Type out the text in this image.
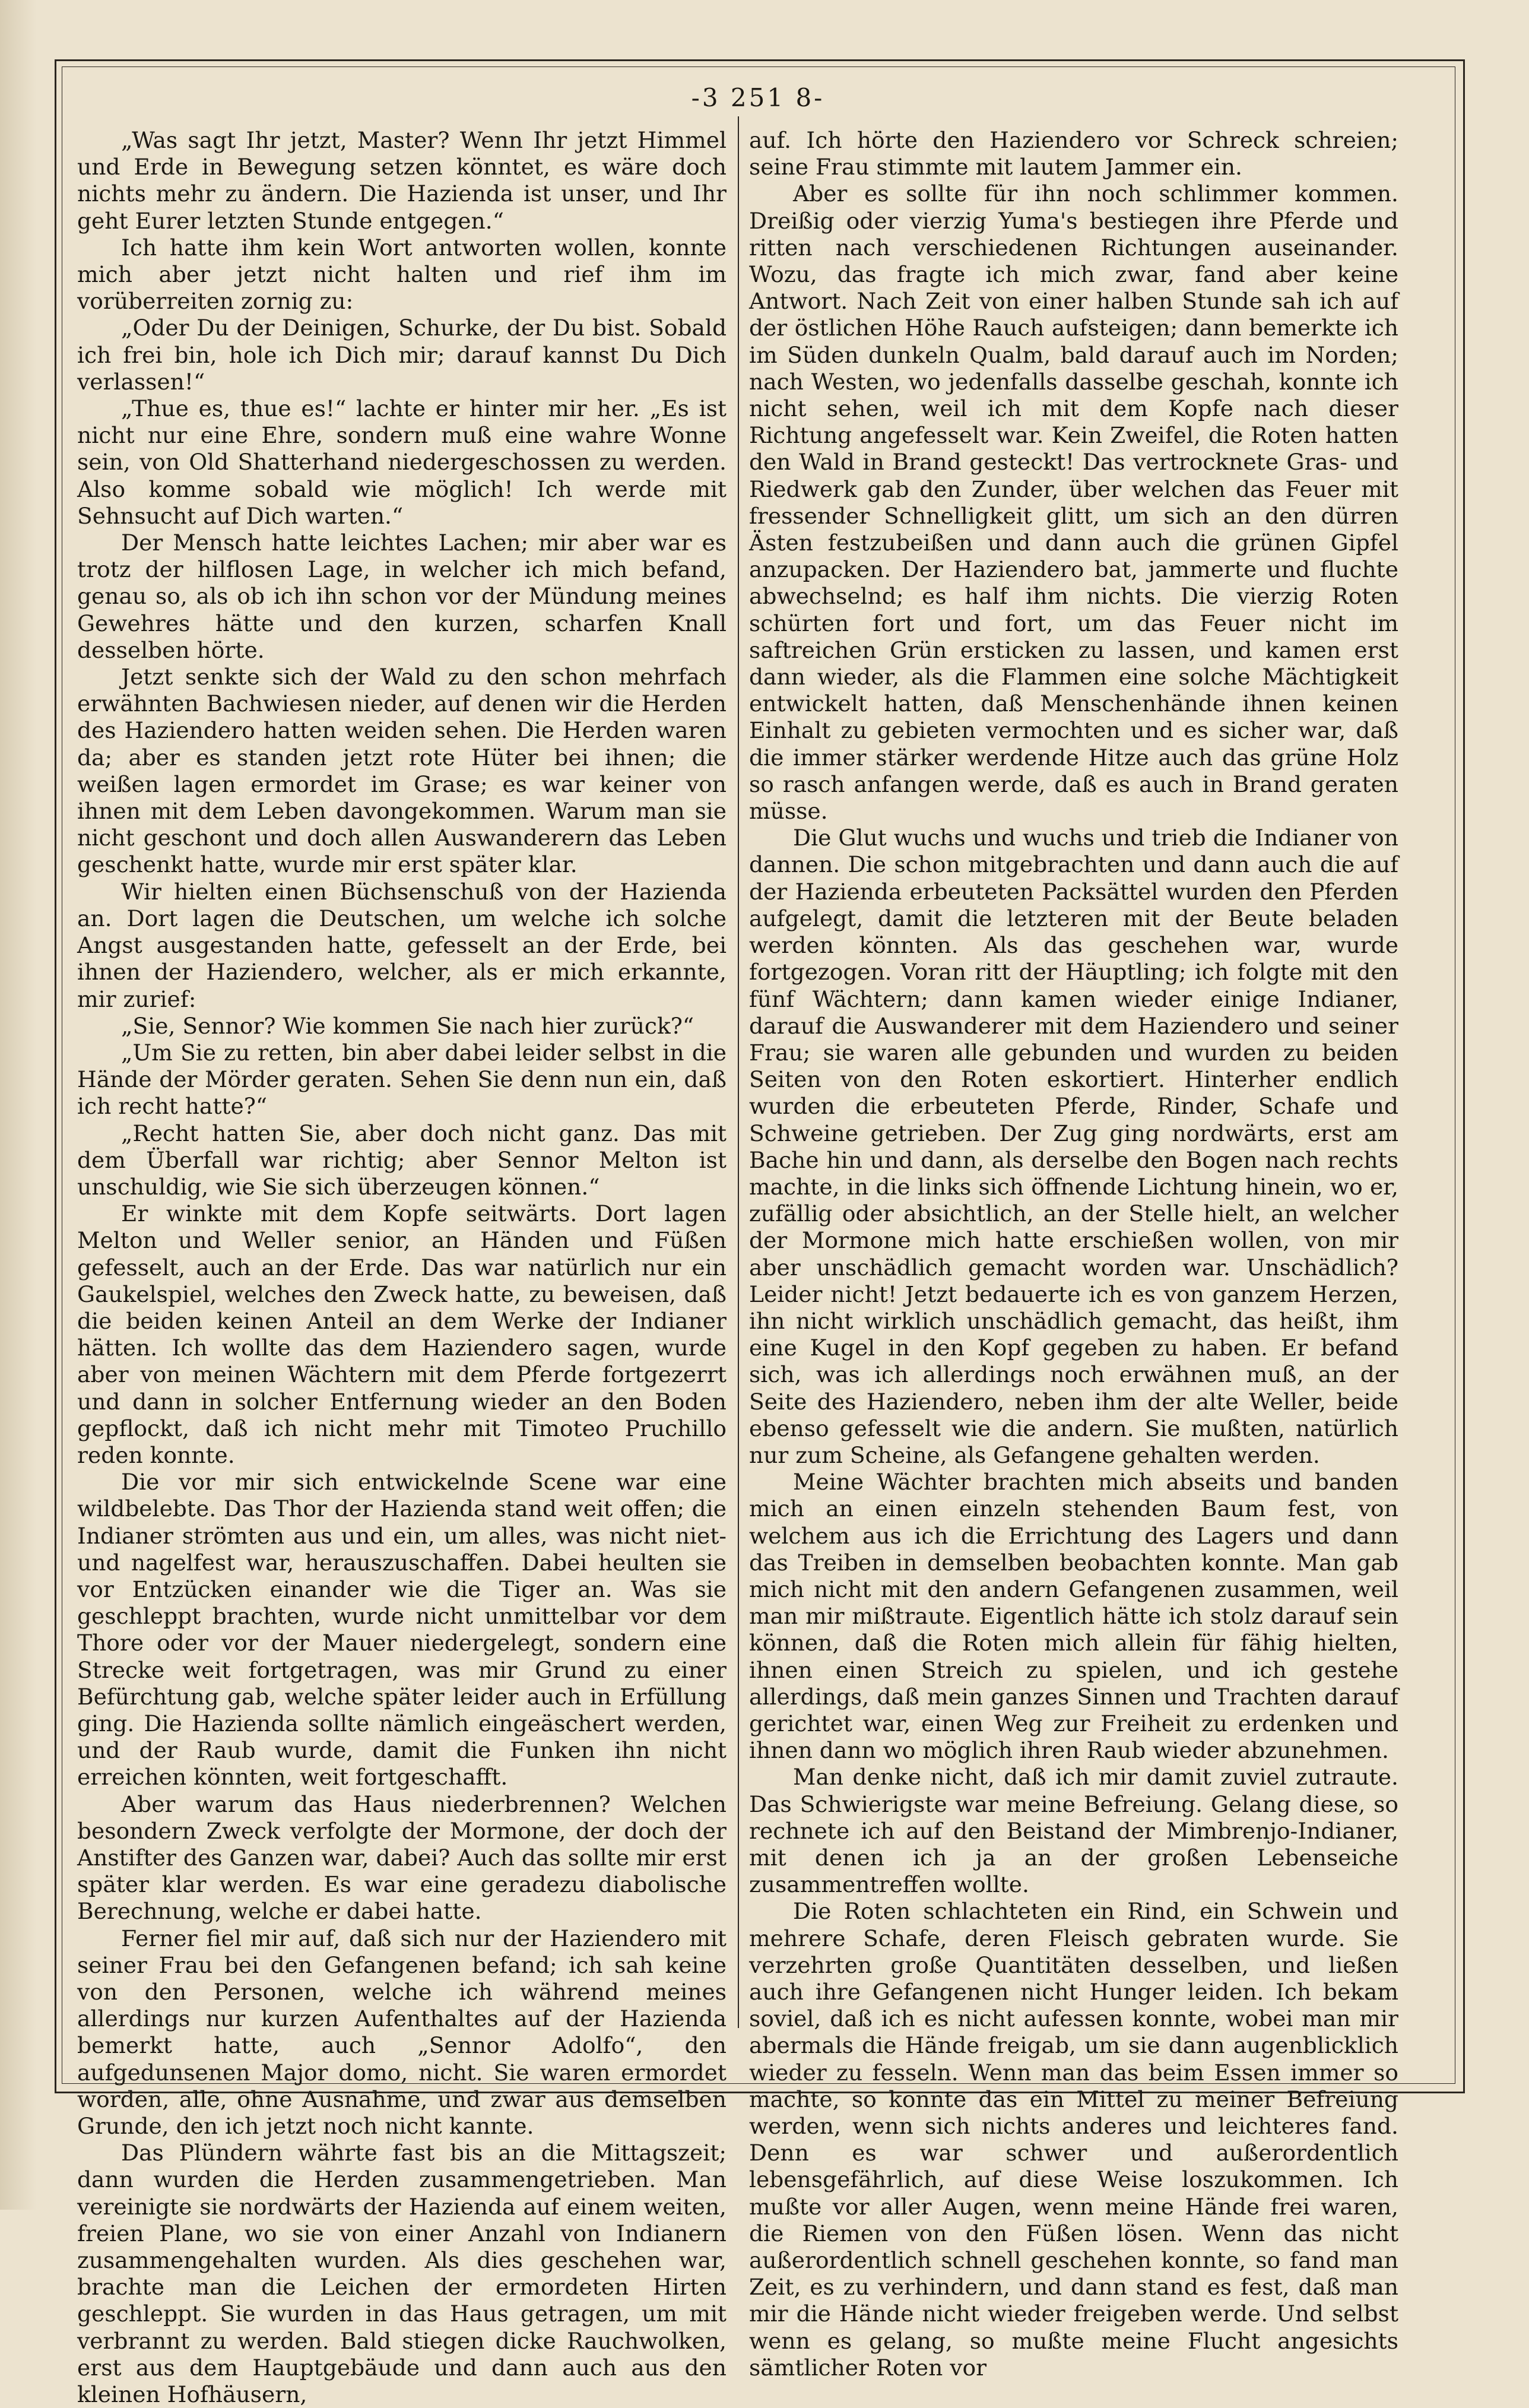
-3 251 8-

„Was sagt Ihr jetzt, Master? Wenn Ihr jetzt Himmel und Erde in Bewegung setzen könntet, es wäre doch nichts mehr zu ändern. Die Hazienda ist unser, und Ihr geht Eurer letzten Stunde entgegen.“

Ich hatte ihm kein Wort antworten wollen, konnte mich aber jetzt nicht halten und rief ihm im vorüberreiten zornig zu:

„Oder Du der Deinigen, Schurke, der Du bist. Sobald ich frei bin, hole ich Dich mir; darauf kannst Du Dich verlassen!“

„Thue es, thue es!“ lachte er hinter mir her. „Es ist nicht nur eine Ehre, sondern muß eine wahre Wonne sein, von Old Shatterhand niedergeschossen zu werden. Also komme sobald wie möglich! Ich werde mit Sehnsucht auf Dich warten.“

Der Mensch hatte leichtes Lachen; mir aber war es trotz der hilflosen Lage, in welcher ich mich befand, genau so, als ob ich ihn schon vor der Mündung meines Gewehres hätte und den kurzen, scharfen Knall desselben hörte.

Jetzt senkte sich der Wald zu den schon mehrfach erwähnten Bachwiesen nieder, auf denen wir die Herden des Haziendero hatten weiden sehen. Die Herden waren da; aber es standen jetzt rote Hüter bei ihnen; die weißen lagen ermordet im Grase; es war keiner von ihnen mit dem Leben davongekommen. Warum man sie nicht geschont und doch allen Auswanderern das Leben geschenkt hatte, wurde mir erst später klar.

Wir hielten einen Büchsenschuß von der Hazienda an. Dort lagen die Deutschen, um welche ich solche Angst ausgestanden hatte, gefesselt an der Erde, bei ihnen der Haziendero, welcher, als er mich erkannte, mir zurief:

„Sie, Sennor? Wie kommen Sie nach hier zurück?“

„Um Sie zu retten, bin aber dabei leider selbst in die Hände der Mörder geraten. Sehen Sie denn nun ein, daß ich recht hatte?“

„Recht hatten Sie, aber doch nicht ganz. Das mit dem Überfall war richtig; aber Sennor Melton ist unschuldig, wie Sie sich überzeugen können.“

Er winkte mit dem Kopfe seitwärts. Dort lagen Melton und Weller senior, an Händen und Füßen gefesselt, auch an der Erde. Das war natürlich nur ein Gaukelspiel, welches den Zweck hatte, zu beweisen, daß die beiden keinen Anteil an dem Werke der Indianer hätten. Ich wollte das dem Haziendero sagen, wurde aber von meinen Wächtern mit dem Pferde fortgezerrt und dann in solcher Entfernung wieder an den Boden gepflockt, daß ich nicht mehr mit Timoteo Pruchillo reden konnte.

Die vor mir sich entwickelnde Scene war eine wildbelebte. Das Thor der Hazienda stand weit offen; die Indianer strömten aus und ein, um alles, was nicht niet- und nagelfest war, herauszuschaffen. Dabei heulten sie vor Entzücken einander wie die Tiger an. Was sie geschleppt brachten, wurde nicht unmittelbar vor dem Thore oder vor der Mauer niedergelegt, sondern eine Strecke weit fortgetragen, was mir Grund zu einer Befürchtung gab, welche später leider auch in Erfüllung ging. Die Hazienda sollte nämlich eingeäschert werden, und der Raub wurde, damit die Funken ihn nicht erreichen könnten, weit fortgeschafft.

Aber warum das Haus niederbrennen? Welchen besondern Zweck verfolgte der Mormone, der doch der Anstifter des Ganzen war, dabei? Auch das sollte mir erst später klar werden. Es war eine geradezu diabolische Berechnung, welche er dabei hatte.

Ferner fiel mir auf, daß sich nur der Haziendero mit seiner Frau bei den Gefangenen befand; ich sah keine von den Personen, welche ich während meines allerdings nur kurzen Aufenthaltes auf der Hazienda bemerkt hatte, auch „Sennor Adolfo“, den aufgedunsenen Major domo, nicht. Sie waren ermordet worden, alle, ohne Ausnahme, und zwar aus demselben Grunde, den ich jetzt noch nicht kannte.

Das Plündern währte fast bis an die Mittagszeit; dann wurden die Herden zusammengetrieben. Man vereinigte sie nordwärts der Hazienda auf einem weiten, freien Plane, wo sie von einer Anzahl von Indianern zusammengehalten wurden. Als dies geschehen war, brachte man die Leichen der ermordeten Hirten geschleppt. Sie wurden in das Haus getragen, um mit verbrannt zu werden. Bald stiegen dicke Rauchwolken, erst aus dem Hauptgebäude und dann auch aus den kleinen Hofhäusern,

auf. Ich hörte den Haziendero vor Schreck schreien; seine Frau stimmte mit lautem Jammer ein.

Aber es sollte für ihn noch schlimmer kommen. Dreißig oder vierzig Yuma's bestiegen ihre Pferde und ritten nach verschiedenen Richtungen auseinander. Wozu, das fragte ich mich zwar, fand aber keine Antwort. Nach Zeit von einer halben Stunde sah ich auf der östlichen Höhe Rauch aufsteigen; dann bemerkte ich im Süden dunkeln Qualm, bald darauf auch im Norden; nach Westen, wo jedenfalls dasselbe geschah, konnte ich nicht sehen, weil ich mit dem Kopfe nach dieser Richtung angefesselt war. Kein Zweifel, die Roten hatten den Wald in Brand gesteckt! Das vertrocknete Gras- und Riedwerk gab den Zunder, über welchen das Feuer mit fressender Schnelligkeit glitt, um sich an den dürren Ästen festzubeißen und dann auch die grünen Gipfel anzupacken. Der Haziendero bat, jammerte und fluchte abwechselnd; es half ihm nichts. Die vierzig Roten schürten fort und fort, um das Feuer nicht im saftreichen Grün ersticken zu lassen, und kamen erst dann wieder, als die Flammen eine solche Mächtigkeit entwickelt hatten, daß Menschenhände ihnen keinen Einhalt zu gebieten vermochten und es sicher war, daß die immer stärker werdende Hitze auch das grüne Holz so rasch anfangen werde, daß es auch in Brand geraten müsse.

Die Glut wuchs und wuchs und trieb die Indianer von dannen. Die schon mitgebrachten und dann auch die auf der Hazienda erbeuteten Packsättel wurden den Pferden aufgelegt, damit die letzteren mit der Beute beladen werden könnten. Als das geschehen war, wurde fortgezogen. Voran ritt der Häuptling; ich folgte mit den fünf Wächtern; dann kamen wieder einige Indianer, darauf die Auswanderer mit dem Haziendero und seiner Frau; sie waren alle gebunden und wurden zu beiden Seiten von den Roten eskortiert. Hinterher endlich wurden die erbeuteten Pferde, Rinder, Schafe und Schweine getrieben. Der Zug ging nordwärts, erst am Bache hin und dann, als derselbe den Bogen nach rechts machte, in die links sich öffnende Lichtung hinein, wo er, zufällig oder absichtlich, an der Stelle hielt, an welcher der Mormone mich hatte erschießen wollen, von mir aber unschädlich gemacht worden war. Unschädlich? Leider nicht! Jetzt bedauerte ich es von ganzem Herzen, ihn nicht wirklich unschädlich gemacht, das heißt, ihm eine Kugel in den Kopf gegeben zu haben. Er befand sich, was ich allerdings noch erwähnen muß, an der Seite des Haziendero, neben ihm der alte Weller, beide ebenso gefesselt wie die andern. Sie mußten, natürlich nur zum Scheine, als Gefangene gehalten werden.

Meine Wächter brachten mich abseits und banden mich an einen einzeln stehenden Baum fest, von welchem aus ich die Errichtung des Lagers und dann das Treiben in demselben beobachten konnte. Man gab mich nicht mit den andern Gefangenen zusammen, weil man mir mißtraute. Eigentlich hätte ich stolz darauf sein können, daß die Roten mich allein für fähig hielten, ihnen einen Streich zu spielen, und ich gestehe allerdings, daß mein ganzes Sinnen und Trachten darauf gerichtet war, einen Weg zur Freiheit zu erdenken und ihnen dann wo möglich ihren Raub wieder abzunehmen.

Man denke nicht, daß ich mir damit zuviel zutraute. Das Schwierigste war meine Befreiung. Gelang diese, so rechnete ich auf den Beistand der Mimbrenjo-Indianer, mit denen ich ja an der großen Lebenseiche zusammentreffen wollte.

Die Roten schlachteten ein Rind, ein Schwein und mehrere Schafe, deren Fleisch gebraten wurde. Sie verzehrten große Quantitäten desselben, und ließen auch ihre Gefangenen nicht Hunger leiden. Ich bekam soviel, daß ich es nicht aufessen konnte, wobei man mir abermals die Hände freigab, um sie dann augenblicklich wieder zu fesseln. Wenn man das beim Essen immer so machte, so konnte das ein Mittel zu meiner Befreiung werden, wenn sich nichts anderes und leichteres fand. Denn es war schwer und außerordentlich lebensgefährlich, auf diese Weise loszukommen. Ich mußte vor aller Augen, wenn meine Hände frei waren, die Riemen von den Füßen lösen. Wenn das nicht außerordentlich schnell geschehen konnte, so fand man Zeit, es zu verhindern, und dann stand es fest, daß man mir die Hände nicht wieder freigeben werde. Und selbst wenn es gelang, so mußte meine Flucht angesichts sämtlicher Roten vor
